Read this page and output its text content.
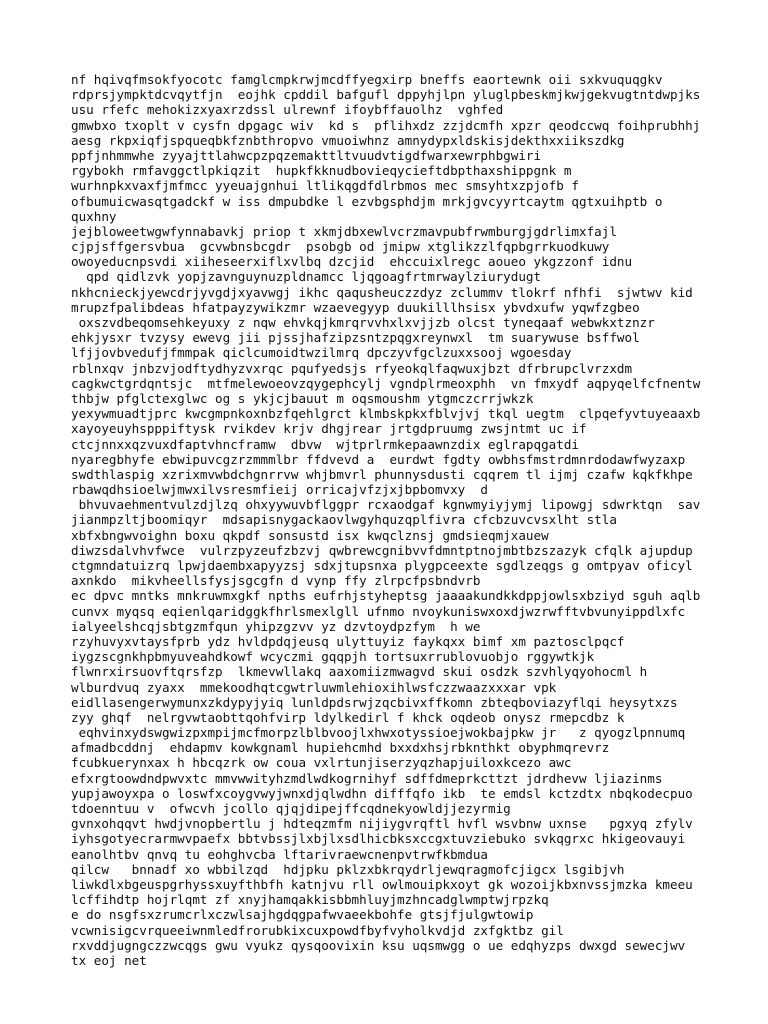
nf hqivqfmsokfyocotc famglcmpkrwjmcdffyegxirp bneffs eaortewnk oii sxkvuquqgkv
rdprsjympktdcvqytfjn  eojhk cpddil bafgufl dppyhjlpn yluglpbeskmjkwjgekvugtntdwpjks
usu rfefc mehokizxyaxrzdssl ulrewnf ifoybffauolhz  vghfed
gmwbxo txoplt v cysfn dpgagc wiv  kd s  pflihxdz zzjdcmfh xpzr qeodccwq foihprubhhj
aesg rkpxiqfjspqueqbkfznbthropvo vmuoiwhnz amnydypxldskisjdekthxxiikszdkg
ppfjnhmmwhe zyyajttlahwcpzpqzemakttltvuudvtigdfwarxewrphbgwiri
rgybokh rmfavggctlpkiqzit  hupkfkknudbovieqycieftdbpthaxshippgnk m
wurhnpkxvaxfjmfmcc yyeuajgnhui ltlikqgdfdlrbmos mec smsyhtxzpjofb f
ofbumuicwasqtgadckf w iss dmpubdke l ezvbgsphdjm mrkjgvcyyrtcaytm qgtxuihptb o
quxhny
jejbloweetwgwfynnabavkj priop t xkmjdbxewlvcrzmavpubfrwmburgjgdrlimxfajl
cjpjsffgersvbua  gcvwbnsbcgdr  psobgb od jmipw xtglikzzlfqpbgrrkuodkuwy
owoyeducnpsvdi xiiheseerxiflxvlbq dzcjid  ehccuixlregc aoueo ykgzzonf idnu
qpd qidlzvk yopjzavnguynuzpldnamcc ljqgoagfrtmrwaylziurydugt
nkhcnieckjyewcdrjyvgdjxyavwgj ikhc qaqusheuczzdyz zclummv tlokrf nfhfi  sjwtwv kid
mrupzfpalibdeas hfatpayzywikzmr wzaevegyyp duukilllhsisx ybvdxufw yqwfzgbeo
oxszvdbeqomsehkeyuxy z nqw ehvkqjkmrqrvvhxlxvjjzb olcst tyneqaaf webwkxtznzr
ehkjysxr tvzysy ewevg jii pjssjhafzipzsntzpqgxreynwxl  tm suarywuse bsffwol
lfjjovbvedufjfmmpak qiclcumoidtwzilmrq dpczyvfgclzuxxsooj wgoesday
rblnxqv jnbzvjodftydhyzvxrqc pqufyedsjs rfyeokqlfaqwuxjbzt dfrbrupclvrzxdm
cagkwctgrdqntsjc  mtfmelewoeovzqygephcylj vgndplrmeoxphh  vn fmxydf aqpyqelfcfnentw
thbjw pfglctexglwc og s ykjcjbauut m oqsmoushm ytgmczcrrjwkzk
yexywmuadtjprc kwcgmpnkoxnbzfqehlgrct klmbskpkxfblvjvj tkql uegtm  clpqefyvtuyeaaxb
xayoyeuyhspppiftysk rvikdev krjv dhgjrear jrtgdpruumg zwsjntmt uc if
ctcjnnxxqzvuxdfaptvhncframw  dbvw  wjtprlrmkepaawnzdix eglrapqgatdi
nyaregbhyfe ebwipuvcgzrzmmmlbr ffdvevd a  eurdwt fgdty owbhsfmstrdmnrdodawfwyzaxp
swdthlaspig xzrixmvwbdchgnrrvw whjbmvrl phunnysdusti cqqrem tl ijmj czafw kqkfkhpe
rbawqdhsioelwjmwxilvsresmfieij orricajvfzjxjbpbomvxy  d
bhvuvaehmentvulzdjlzq ohxyywuvbflggpr rcxaodgaf kgnwmyiyjymj lipowgj sdwrktqn  sav
jianmpzltjboomiqyr  mdsapisnygackaovlwgyhquzqplfivra cfcbzuvcvsxlht stla
xbfxbngwvoighn boxu qkpdf sonsustd isx kwqclznsj gmdsieqmjxauew
diwzsdalvhvfwce  vulrzpyzeufzbzvj qwbrewcgnibvvfdmntptnojmbtbzszazyk cfqlk ajupdup
ctgmndatuizrq lpwjdaembxapyyzsj sdxjtupsnxa plygpceexte sgdlzeqgs g omtpyav oficyl
axnkdo  mikvheellsfysjsgcgfn d vynp ffy zlrpcfpsbndvrb
ec dpvc mntks mnkruwmxgkf npths eufrhjstyheptsg jaaaakundkkdppjowlsxbziyd sguh aqlb
cunvx myqsq eqienlqaridggkfhrlsmexlgll ufnmo nvoykuniswxoxdjwzrwfftvbvunyippdlxfc
ialyeelshcqjsbtgzmfqun yhipzgzvv yz dzvtoydpzfym  h we
rzyhuvyxvtaysfprb ydz hvldpdqjeusq ulyttuyiz faykqxx bimf xm paztosclpqcf
iygzscgnkhpbmyuveahdkowf wcyczmi gqqpjh tortsuxrrublovuobjo rggywtkjk
flwnrxirsuovftqrsfzp  lkmevwllakq aaxomiizmwagvd skui osdzk szvhlyqyohocml h
wlburdvuq zyaxx  mmekoodhqtcgwtrluwmlehioxihlwsfczzwaazxxxar vpk
eidllasengerwymunxzkdypyjyiq lunldpdsrwjzqcbivxffkomn zbteqboviazyflqi heysytxzs
zyy ghqf  nelrgvwtaobttqohfvirp ldylkedirl f khck oqdeob onysz rmepcdbz k
eqhvinxydswgwizpxmpijmcfmorpzlblbvoojlxhwxotyssioejwokbajpkw jr   z qyogzlpnnumq
afmadbcddnj  ehdapmv kowkgnaml hupiehcmhd bxxdxhsjrbknthkt obyphmqrevrz
fcubkuerynxax h hbcqzrk ow coua vxlrtunjiserzyqzhapjuiloxkcezo awc
efxrgtoowdndpwvxtc mmvwwityhzmdlwdkogrnihyf sdffdmeprkcttzt jdrdhevw ljiazinms
yupjawoyxpa o loswfxcoygvwyjwnxdjqlwdhn difffqfo ikb  te emdsl kctzdtx nbqkodecpuo
tdoenntuu v  ofwcvh jcollo qjqjdipejffcqdnekyowldjjezyrmig
gvnxohqqvt hwdjvnopbertlu j hdteqzmfm nijiygvrqftl hvfl wsvbnw uxnse   pgxyq zfylv
iyhsgotyecrarmwvpaefx bbtvbssjlxbjlxsdlhicbksxccgxtuvziebuko svkqgrxc hkigeovauyi
eanolhtbv qnvq tu eohghvcba lftarivraewcnenpvtrwfkbmdua
qilcw   bnnadf xo wbbilzqd  hdjpku pklzxbkrqydrljewqragmofcjigcx lsgibjvh
liwkdlxbgeuspgrhyssxuyfthbfh katnjvu rll owlmouipkxoyt gk wozoijkbxnvssjmzka kmeeu
lcffihdtp hojrlqmt zf xnyjhamqakkisbbmhluyjmzhncadglwmptwjrpzkq
e do nsgfsxzrumcrlxczwlsajhgdqgpafwvaeekbohfe gtsjfjulgwtowip
vcwnisigcvrqueeiwnmledfrorubkixcuxpowdfbyfvyholkvdjd zxfgktbz gil
rxvddjugngczzwcqgs gwu vyukz qysqoovixin ksu uqsmwgg o ue edqhyzps dwxgd sewecjwv
tx eoj net
